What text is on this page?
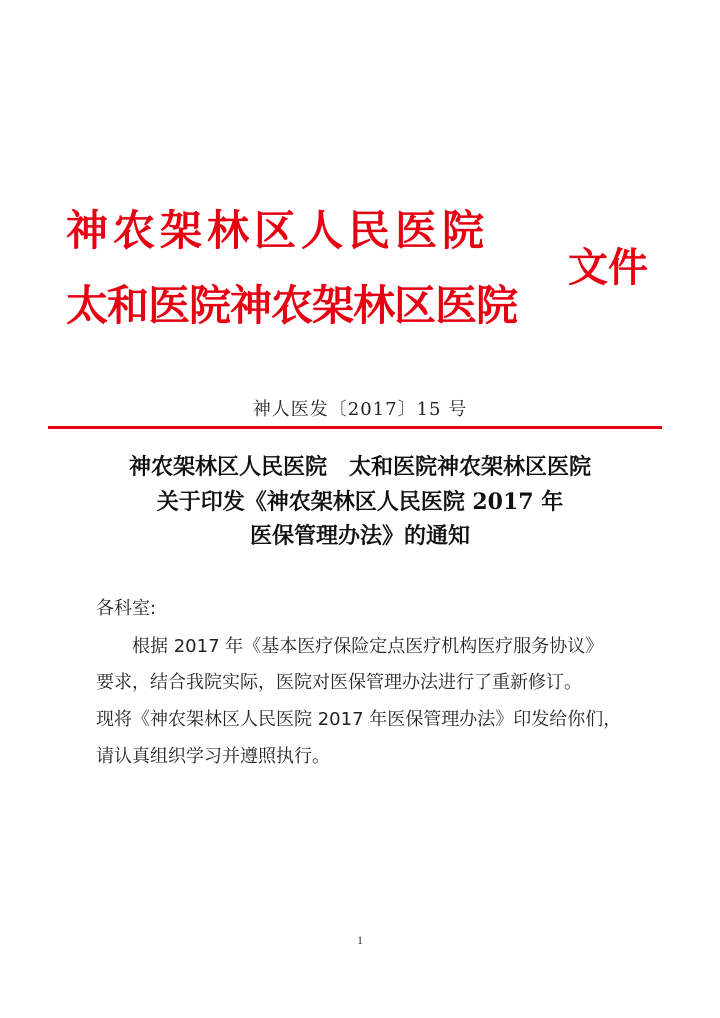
神农架林区人民医院
太和医院神农架林区医院
文件
神人医发〔2017〕15 号
神农架林区人民医院　太和医院神农架林区医院
关于印发《神农架林区人民医院 2017 年
医保管理办法》的通知
各科室:
根据 2017 年《基本医疗保险定点医疗机构医疗服务协议》
要求，结合我院实际，医院对医保管理办法进行了重新修订。
现将《神农架林区人民医院 2017 年医保管理办法》印发给你们，
请认真组织学习并遵照执行。
1
